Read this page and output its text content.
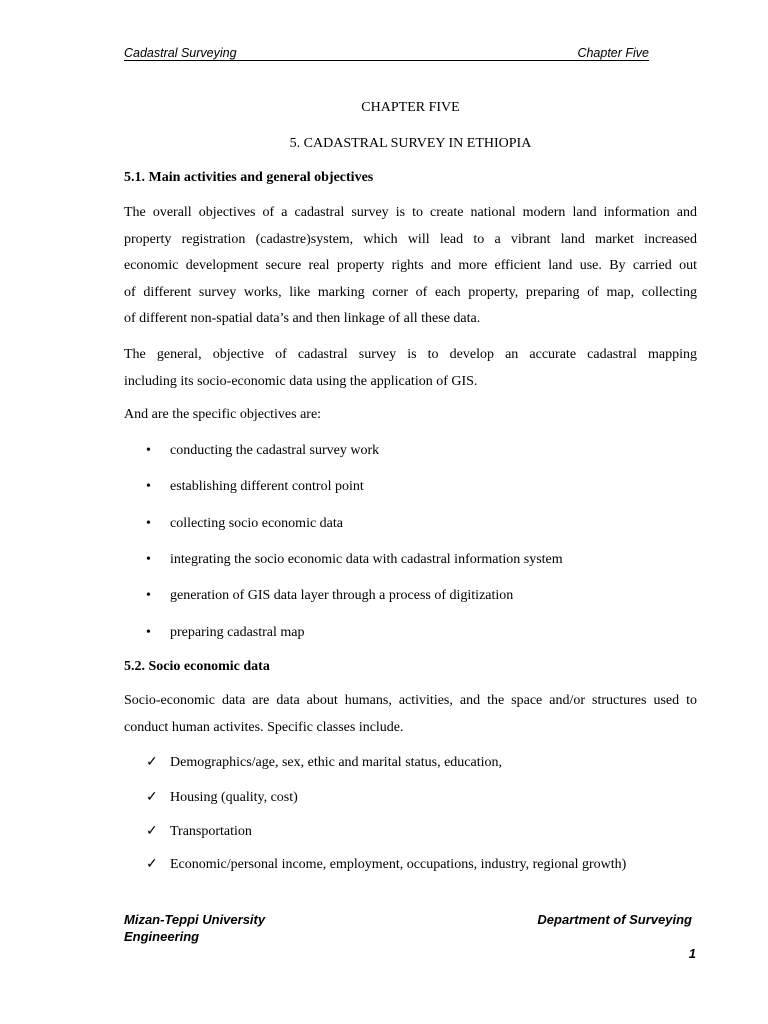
Cadastral Surveying	Chapter Five
CHAPTER FIVE
5. CADASTRAL SURVEY IN ETHIOPIA
5.1. Main activities and general objectives
The overall objectives of a cadastral survey is to create national modern land information and
property registration (cadastre)system, which will lead to a vibrant land market increased
economic development secure real property rights and more efficient land use. By carried out
of different survey works, like marking corner of each property, preparing of map, collecting
of different non-spatial data’s and then linkage of all these data.
The general, objective of cadastral survey is to develop an accurate cadastral mapping
including its socio-economic data using the application of GIS.
And are the specific objectives are:
•	conducting the cadastral survey work
•	establishing different control point
•	collecting socio economic data
•	integrating the socio economic data with cadastral information system
•	generation of GIS data layer through a process of digitization
•	preparing cadastral map
5.2. Socio economic data
Socio-economic data are data about humans, activities, and the space and/or structures used to
conduct human activites. Specific classes include.
✓ Demographics/age, sex, ethic and marital status, education,
✓ Housing (quality, cost)
✓ Transportation
✓ Economic/personal income, employment, occupations, industry, regional growth)
Mizan-Teppi University
Engineering
Department of Surveying
1
